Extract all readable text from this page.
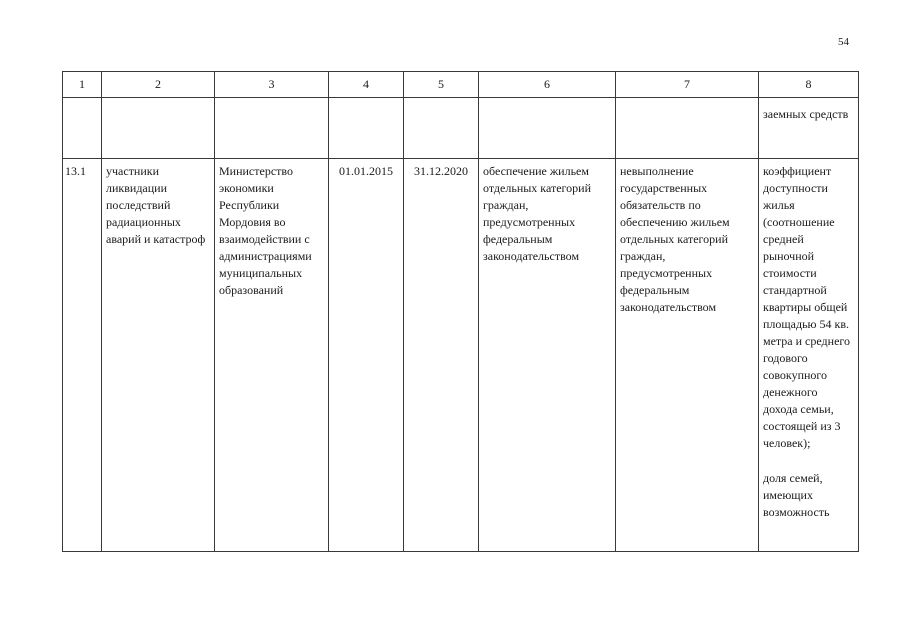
54
1	2	3	4	5	6	7	8
							заемных средств
13.1	участники ликвидации последствий радиационных аварий и катастроф	Министерство экономики Республики Мордовия во взаимодействии с администрациями муниципальных образований	01.01.2015	31.12.2020	обеспечение жильем отдельных категорий граждан, предусмотренных федеральным законодательством	невыполнение государственных обязательств по обеспечению жильем отдельных категорий граждан, предусмотренных федеральным законодательством	коэффициент доступности жилья (соотношение средней рыночной стоимости стандартной квартиры общей площадью 54 кв. метра и среднего годового совокупного денежного дохода семьи, состоящей из 3 человек);
доля семей, имеющих возможность
